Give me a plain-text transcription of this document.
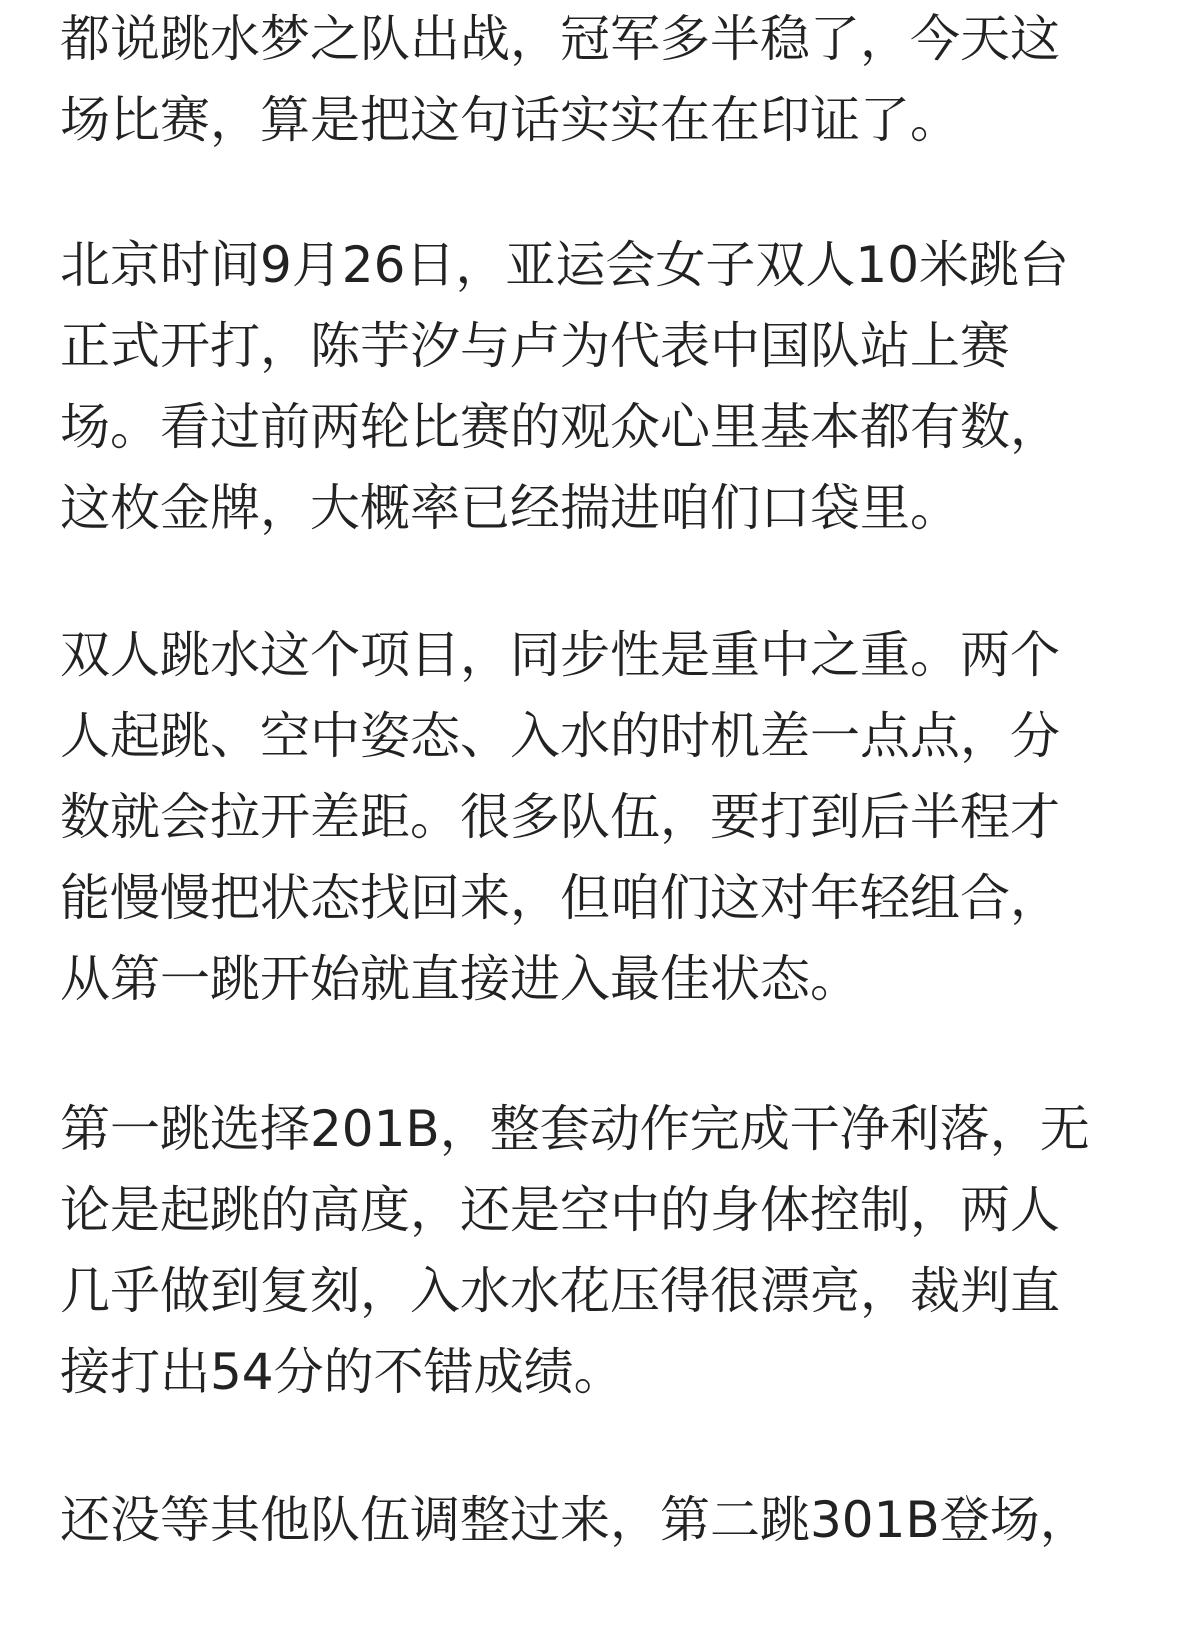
都说跳水梦之队出战，冠军多半稳了，今天这
场比赛，算是把这句话实实在在印证了。

北京时间9月26日，亚运会女子双人10米跳台
正式开打，陈芋汐与卢为代表中国队站上赛
场。看过前两轮比赛的观众心里基本都有数，
这枚金牌，大概率已经揣进咱们口袋里。

双人跳水这个项目，同步性是重中之重。两个
人起跳、空中姿态、入水的时机差一点点，分
数就会拉开差距。很多队伍，要打到后半程才
能慢慢把状态找回来，但咱们这对年轻组合，
从第一跳开始就直接进入最佳状态。

第一跳选择201B，整套动作完成干净利落，无
论是起跳的高度，还是空中的身体控制，两人
几乎做到复刻，入水水花压得很漂亮，裁判直
接打出54分的不错成绩。

还没等其他队伍调整过来，第二跳301B登场，
